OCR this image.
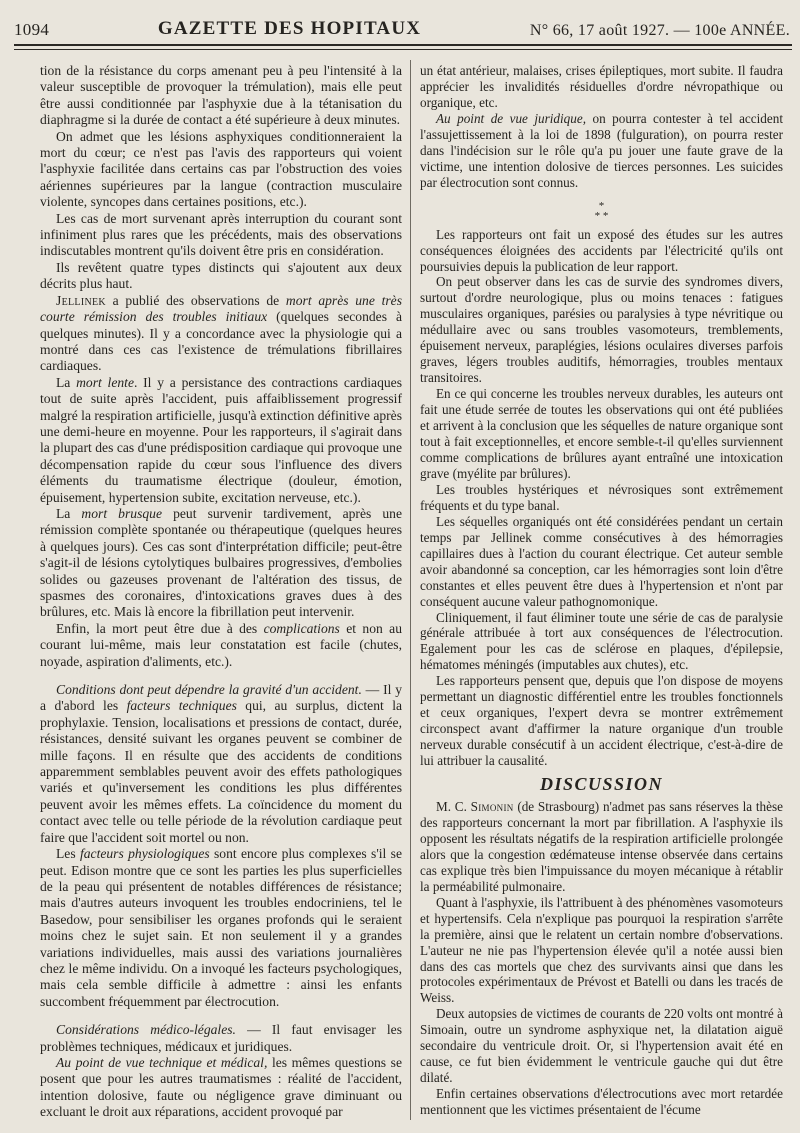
1094	GAZETTE DES HOPITAUX	N° 66, 17 août 1927. — 100e ANNÉE.

tion de la résistance du corps amenant peu à peu l'intensité à la valeur susceptible de provoquer la trémulation), mais elle peut être aussi conditionnée par l'asphyxie due à la tétanisation du diaphragme si la durée de contact a été supérieure à deux minutes.

On admet que les lésions asphyxiques conditionneraient la mort du cœur; ce n'est pas l'avis des rapporteurs qui voient l'asphyxie facilitée dans certains cas par l'obstruction des voies aériennes supérieures par la langue (contraction musculaire violente, syncopes dans certaines positions, etc.).

Les cas de mort survenant après interruption du courant sont infiniment plus rares que les précédents, mais des observations indiscutables montrent qu'ils doivent être pris en considération.

Ils revêtent quatre types distincts qui s'ajoutent aux deux décrits plus haut.

Jellinek a publié des observations de mort après une très courte rémission des troubles initiaux (quelques secondes à quelques minutes). Il y a concordance avec la physiologie qui a montré dans ces cas l'existence de trémulations fibrillaires cardiaques.

La mort lente. Il y a persistance des contractions cardiaques tout de suite après l'accident, puis affaiblissement progressif malgré la respiration artificielle, jusqu'à extinction définitive après une demi-heure en moyenne. Pour les rapporteurs, il s'agirait dans la plupart des cas d'une prédisposition cardiaque qui provoque une décompensation rapide du cœur sous l'influence des divers éléments du traumatisme électrique (douleur, émotion, épuisement, hypertension subite, excitation nerveuse, etc.).

La mort brusque peut survenir tardivement, après une rémission complète spontanée ou thérapeutique (quelques heures à quelques jours). Ces cas sont d'interprétation difficile; peut-être s'agit-il de lésions cytolytiques bulbaires progressives, d'embolies solides ou gazeuses provenant de l'altération des tissus, de spasmes des coronaires, d'intoxications graves dues à des brûlures, etc. Mais là encore la fibrillation peut intervenir.

Enfin, la mort peut être due à des complications et non au courant lui-même, mais leur constatation est facile (chutes, noyade, aspiration d'aliments, etc.).

Conditions dont peut dépendre la gravité d'un accident. — Il y a d'abord les facteurs techniques qui, au surplus, dictent la prophylaxie. Tension, localisations et pressions de contact, durée, résistances, densité suivant les organes peuvent se combiner de mille façons. Il en résulte que des accidents de conditions apparemment semblables peuvent avoir des effets pathologiques variés et qu'inversement les conditions les plus différentes peuvent avoir les mêmes effets. La coïncidence du moment du contact avec telle ou telle période de la révolution cardiaque peut faire que l'accident soit mortel ou non.

Les facteurs physiologiques sont encore plus complexes s'il se peut. Edison montre que ce sont les parties les plus superficielles de la peau qui présentent de notables différences de résistance; mais d'autres auteurs invoquent les troubles endocriniens, tel le Basedow, pour sensibiliser les organes profonds qui le seraient moins chez le sujet sain. Et non seulement il y a grandes variations individuelles, mais aussi des variations journalières chez le même individu. On a invoqué les facteurs psychologiques, mais cela semble difficile à admettre : ainsi les enfants succombent fréquemment par électrocution.

Considérations médico-légales. — Il faut envisager les problèmes techniques, médicaux et juridiques.

Au point de vue technique et médical, les mêmes questions se posent que pour les autres traumatismes : réalité de l'accident, intention dolosive, faute ou négligence grave diminuant ou excluant le droit aux réparations, accident provoqué par

un état antérieur, malaises, crises épileptiques, mort subite. Il faudra apprécier les invalidités résiduelles d'ordre névropathique ou organique, etc.

Au point de vue juridique, on pourra contester à tel accident l'assujettissement à la loi de 1898 (fulguration), on pourra rester dans l'indécision sur le rôle qu'a pu jouer une faute grave de la victime, une intention dolosive de tierces personnes. Les suicides par électrocution sont connus.

*
* *

Les rapporteurs ont fait un exposé des études sur les autres conséquences éloignées des accidents par l'électricité qu'ils ont poursuivies depuis la publication de leur rapport.

On peut observer dans les cas de survie des syndromes divers, surtout d'ordre neurologique, plus ou moins tenaces : fatigues musculaires organiques, parésies ou paralysies à type névritique ou médullaire avec ou sans troubles vasomoteurs, tremblements, épuisement nerveux, paraplégies, lésions oculaires diverses parfois graves, légers troubles auditifs, hémorragies, troubles mentaux transitoires.

En ce qui concerne les troubles nerveux durables, les auteurs ont fait une étude serrée de toutes les observations qui ont été publiées et arrivent à la conclusion que les séquelles de nature organique sont tout à fait exceptionnelles, et encore semble-t-il qu'elles surviennent comme complications de brûlures ayant entraîné une intoxication grave (myélite par brûlures).

Les troubles hystériques et névrosiques sont extrêmement fréquents et du type banal.

Les séquelles organiqués ont été considérées pendant un certain temps par Jellinek comme consécutives à des hémorragies capillaires dues à l'action du courant électrique. Cet auteur semble avoir abandonné sa conception, car les hémorragies sont loin d'être constantes et elles peuvent être dues à l'hypertension et n'ont par conséquent aucune valeur pathognomonique.

Cliniquement, il faut éliminer toute une série de cas de paralysie générale attribuée à tort aux conséquences de l'électrocution. Egalement pour les cas de sclérose en plaques, d'épilepsie, hématomes méningés (imputables aux chutes), etc.

Les rapporteurs pensent que, depuis que l'on dispose de moyens permettant un diagnostic différentiel entre les troubles fonctionnels et ceux organiques, l'expert devra se montrer extrêmement circonspect avant d'affirmer la nature organique d'un trouble nerveux durable consécutif à un accident électrique, c'est-à-dire de lui attribuer la causalité.

DISCUSSION

M. C. Simonin (de Strasbourg) n'admet pas sans réserves la thèse des rapporteurs concernant la mort par fibrillation. A l'asphyxie ils opposent les résultats négatifs de la respiration artificielle prolongée alors que la congestion œdémateuse intense observée dans certains cas explique très bien l'impuissance du moyen mécanique à rétablir la perméabilité pulmonaire.

Quant à l'asphyxie, ils l'attribuent à des phénomènes vasomoteurs et hypertensifs. Cela n'explique pas pourquoi la respiration s'arrête la première, ainsi que le relatent un certain nombre d'observations. L'auteur ne nie pas l'hypertension élevée qu'il a notée aussi bien dans des cas mortels que chez des survivants ainsi que dans les protocoles expérimentaux de Prévost et Batelli ou dans les tracés de Weiss.

Deux autopsies de victimes de courants de 220 volts ont montré à Simoain, outre un syndrome asphyxique net, la dilatation aiguë secondaire du ventricule droit. Or, si l'hypertension avait été en cause, ce fut bien évidemment le ventricule gauche qui dut être dilaté.

Enfin certaines observations d'électrocutions avec mort retardée mentionnent que les victimes présentaient de l'écume
